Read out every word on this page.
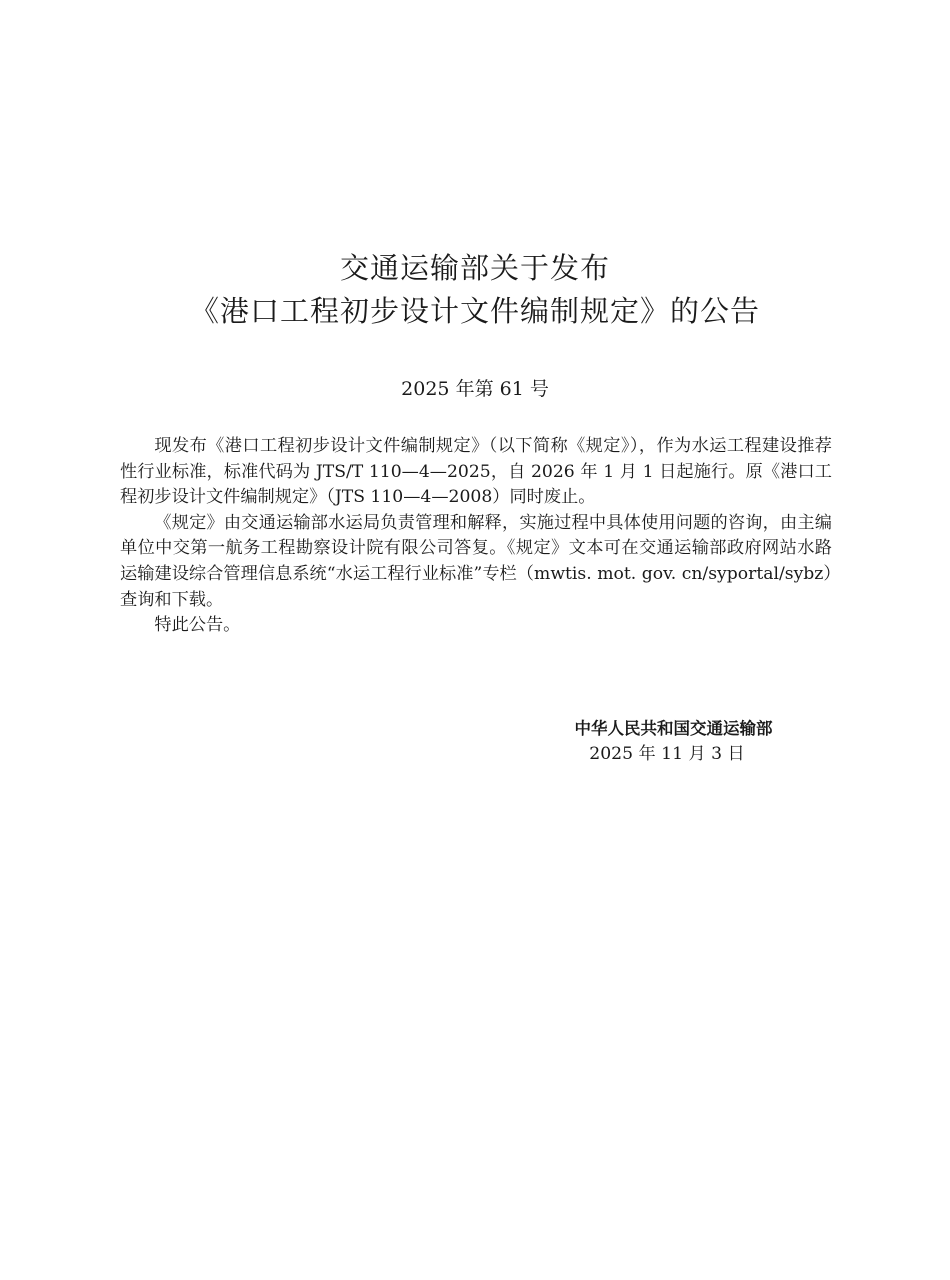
交通运输部关于发布
《港口工程初步设计文件编制规定》的公告
2025 年第 61 号

现发布《港口工程初步设计文件编制规定》（以下简称《规定》），作为水运工程建设推荐性行业标准，标准代码为 JTS/T 110—4—2025，自 2026 年 1 月 1 日起施行。原《港口工程初步设计文件编制规定》（JTS 110—4—2008）同时废止。

《规定》由交通运输部水运局负责管理和解释，实施过程中具体使用问题的咨询，由主编单位中交第一航务工程勘察设计院有限公司答复。《规定》文本可在交通运输部政府网站水路运输建设综合管理信息系统“水运工程行业标准”专栏（mwtis. mot. gov. cn/syportal/sybz）查询和下载。

特此公告。

中华人民共和国交通运输部
2025 年 11 月 3 日
